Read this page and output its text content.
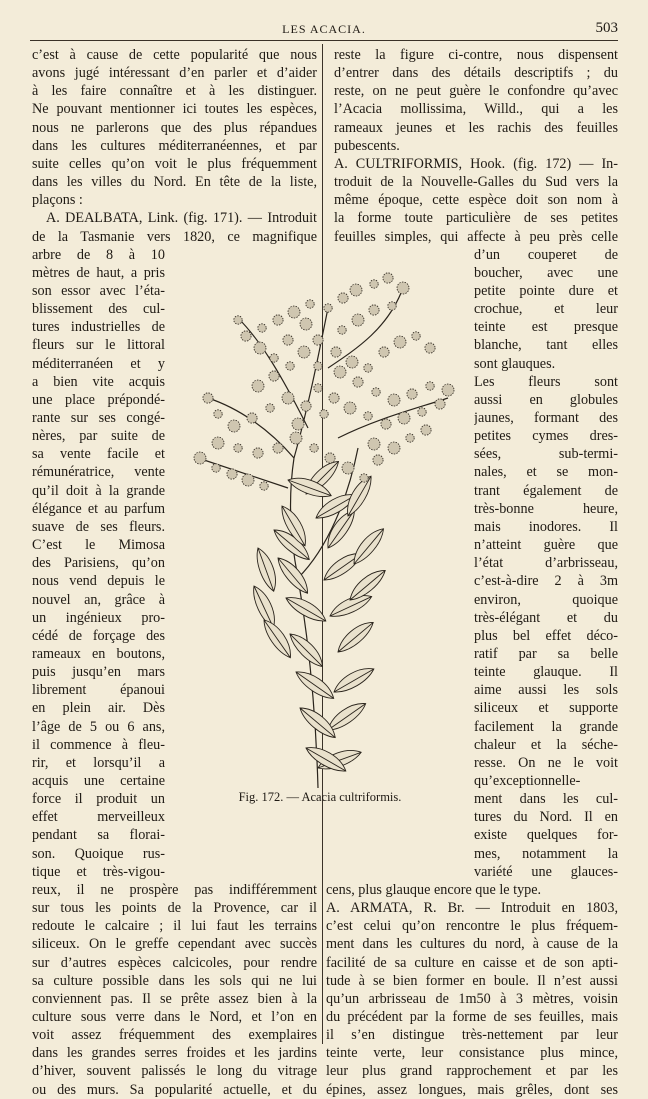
LES ACACIA.	503
c’est à cause de cette popularité que nous
avons jugé intéressant d’en parler et d’aider
à les faire connaître et à les distinguer.
Ne pouvant mentionner ici toutes les espèces,
nous ne parlerons que des plus répandues
dans les cultures méditerranéennes, et par
suite celles qu’on voit le plus fréquemment
dans les villes du Nord. En tête de la liste,
plaçons :
A. DEALBATA, Link. (fig. 171). — Introduit
de la Tasmanie vers 1820, ce magnifique
arbre de 8 à 10
mètres de haut, a pris
son essor avec l’éta-
blissement des cul-
tures industrielles de
fleurs sur le littoral
méditerranéen et y
a bien vite acquis
une place prépondé-
rante sur ses congé-
nères, par suite de
sa vente facile et
rémunératrice, vente
qu’il doit à la grande
élégance et au parfum
suave de ses fleurs.
C’est le Mimosa
des Parisiens, qu’on
nous vend depuis le
nouvel an, grâce à
un ingénieux pro-
cédé de forçage des
rameaux en boutons,
puis jusqu’en mars
librement épanoui
en plein air. Dès
l’âge de 5 ou 6 ans,
il commence à fleu-
rir, et lorsqu’il a
acquis une certaine
force il produit un
effet merveilleux
pendant sa florai-
son. Quoique rus-
tique et très-vigou-
reux, il ne prospère pas indifféremment
sur tous les points de la Provence, car il
redoute le calcaire ; il lui faut les terrains
siliceux. On le greffe cependant avec succès
sur d’autres espèces calcicoles, pour rendre
sa culture possible dans les sols qui ne lui
conviennent pas. Il se prête assez bien à la
culture sous verre dans le Nord, et l’on en
voit assez fréquemment des exemplaires
dans les grandes serres froides et les jardins
d’hiver, souvent palissés le long du vitrage
ou des murs. Sa popularité actuelle, et du
reste la figure ci-contre, nous dispensent
d’entrer dans des détails descriptifs ; du
reste, on ne peut guère le confondre qu’avec
l’Acacia mollissima, Willd., qui a les
rameaux jeunes et les rachis des feuilles
pubescents.
A. CULTRIFORMIS, Hook. (fig. 172) — In-
troduit de la Nouvelle-Galles du Sud vers la
même époque, cette espèce doit son nom à
la forme toute particulière de ses petites
feuilles simples, qui affecte à peu près celle
d’un couperet de
boucher, avec une
petite pointe dure et
crochue, et leur
teinte est presque
blanche, tant elles
sont glauques.
Les fleurs sont
aussi en globules
jaunes, formant des
petites cymes dres-
sées, sub-termi-
nales, et se mon-
trant également de
très-bonne heure,
mais inodores. Il
n’atteint guère que
l’état d’arbrisseau,
c’est-à-dire 2 à 3m
environ, quoique
très-élégant et du
plus bel effet déco-
ratif par sa belle
teinte glauque. Il
aime aussi les sols
siliceux et supporte
facilement la grande
chaleur et la séche-
resse. On ne le voit
qu’exceptionnelle-
ment dans les cul-
tures du Nord. Il en
existe quelques for-
mes, notamment la
variété une glauces-
cens, plus glauque encore que le type.
A. ARMATA, R. Br. — Introduit en 1803,
c’est celui qu’on rencontre le plus fréquem-
ment dans les cultures du nord, à cause de la
facilité de sa culture en caisse et de son apti-
tude à se bien former en boule. Il n’est aussi
qu’un arbrisseau de 1m50 à 3 mètres, voisin
du précédent par la forme de ses feuilles, mais
il s’en distingue très-nettement par leur
teinte verte, leur consistance plus mince,
leur plus grand rapprochement et par les
épines, assez longues, mais grêles, dont ses
Fig. 172. — Acacia cultriformis.
